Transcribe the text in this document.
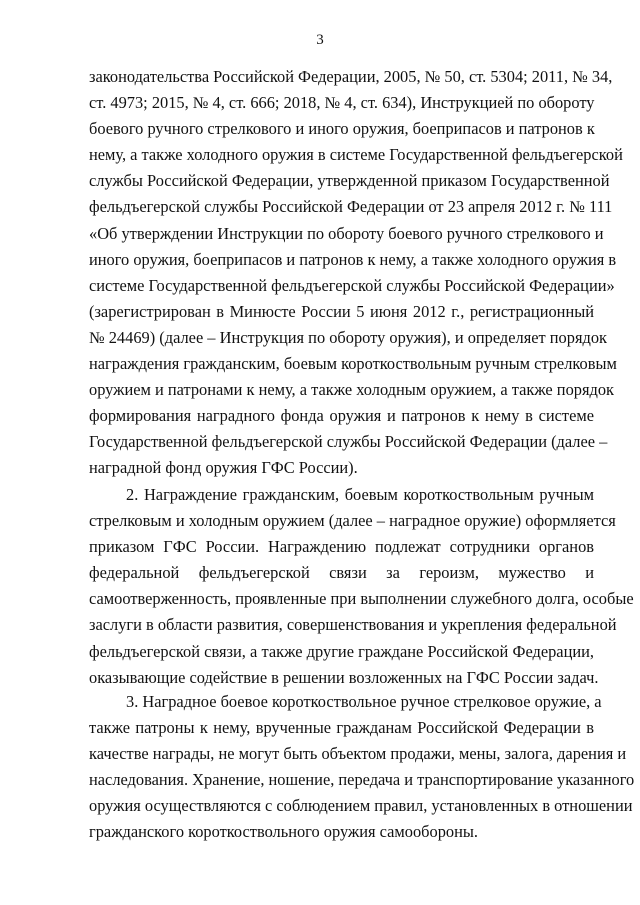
3
законодательства Российской Федерации, 2005, № 50, ст. 5304; 2011, № 34,
ст. 4973; 2015, № 4, ст. 666; 2018, № 4, ст. 634), Инструкцией по обороту
боевого ручного стрелкового и иного оружия, боеприпасов и патронов к
нему, а также холодного оружия в системе Государственной фельдъегерской
службы Российской Федерации, утвержденной приказом Государственной
фельдъегерской службы Российской Федерации от 23 апреля 2012 г. № 111
«Об утверждении Инструкции по обороту боевого ручного стрелкового и
иного оружия, боеприпасов и патронов к нему, а также холодного оружия в
системе Государственной фельдъегерской службы Российской Федерации»
(зарегистрирован в Минюсте России 5 июня 2012 г., регистрационный
№ 24469) (далее – Инструкция по обороту оружия), и определяет порядок
награждения гражданским, боевым короткоствольным ручным стрелковым
оружием и патронами к нему, а также холодным оружием, а также порядок
формирования наградного фонда оружия и патронов к нему в системе
Государственной фельдъегерской службы Российской Федерации (далее –
наградной фонд оружия ГФС России).
2. Награждение гражданским, боевым короткоствольным ручным
стрелковым и холодным оружием (далее – наградное оружие) оформляется
приказом ГФС России. Награждению подлежат сотрудники органов
федеральной фельдъегерской связи за героизм, мужество и
самоотверженность, проявленные при выполнении служебного долга, особые
заслуги в области развития, совершенствования и укрепления федеральной
фельдъегерской связи, а также другие граждане Российской Федерации,
оказывающие содействие в решении возложенных на ГФС России задач.
3. Наградное боевое короткоствольное ручное стрелковое оружие, а
также патроны к нему, врученные гражданам Российской Федерации в
качестве награды, не могут быть объектом продажи, мены, залога, дарения и
наследования. Хранение, ношение, передача и транспортирование указанного
оружия осуществляются с соблюдением правил, установленных в отношении
гражданского короткоствольного оружия самообороны.
